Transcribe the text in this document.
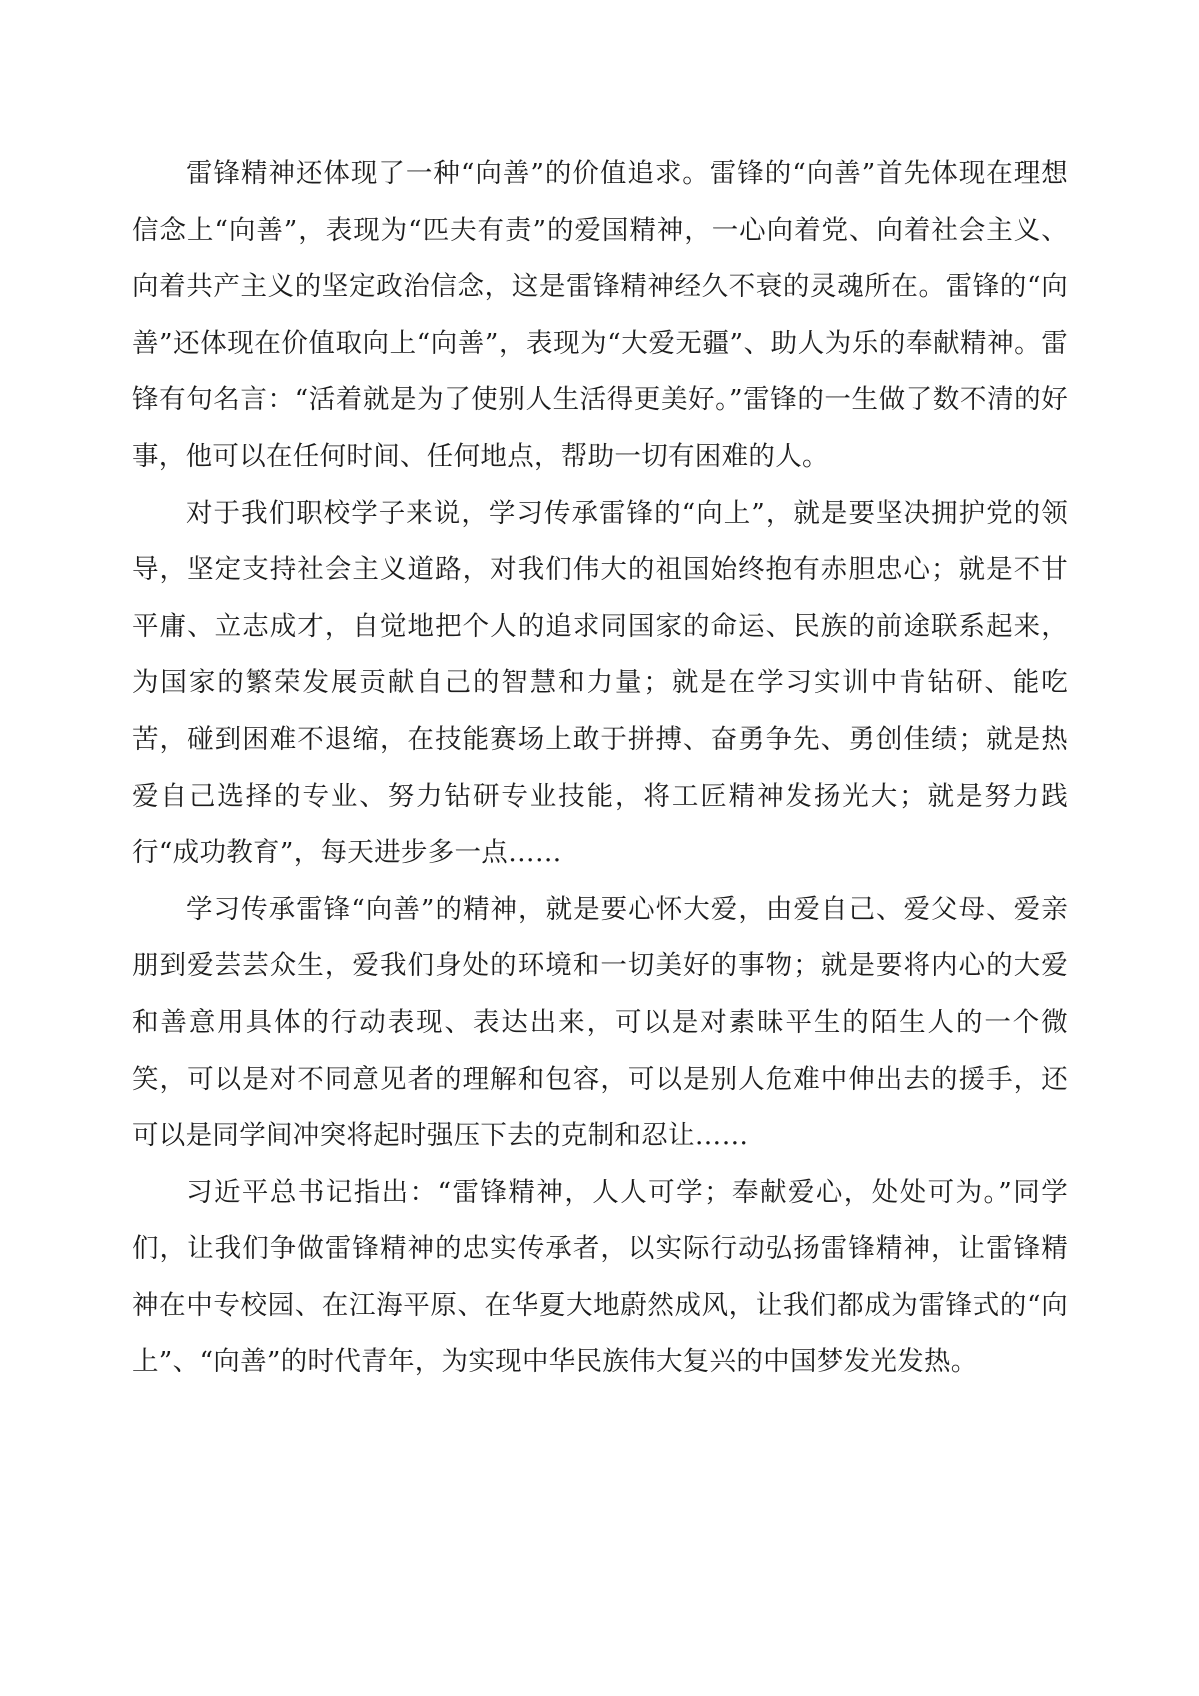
雷锋精神还体现了一种“向善”的价值追求。雷锋的“向善”首先体现在理想信念上“向善”，表现为“匹夫有责”的爱国精神，一心向着党、向着社会主义、向着共产主义的坚定政治信念，这是雷锋精神经久不衰的灵魂所在。雷锋的“向善”还体现在价值取向上“向善”，表现为“大爱无疆”、助人为乐的奉献精神。雷锋有句名言：“活着就是为了使别人生活得更美好。”雷锋的一生做了数不清的好事，他可以在任何时间、任何地点，帮助一切有困难的人。

对于我们职校学子来说，学习传承雷锋的“向上”，就是要坚决拥护党的领导，坚定支持社会主义道路，对我们伟大的祖国始终抱有赤胆忠心；就是不甘平庸、立志成才，自觉地把个人的追求同国家的命运、民族的前途联系起来，为国家的繁荣发展贡献自己的智慧和力量；就是在学习实训中肯钻研、能吃苦，碰到困难不退缩，在技能赛场上敢于拼搏、奋勇争先、勇创佳绩；就是热爱自己选择的专业、努力钻研专业技能，将工匠精神发扬光大；就是努力践行“成功教育”，每天进步多一点……

学习传承雷锋“向善”的精神，就是要心怀大爱，由爱自己、爱父母、爱亲朋到爱芸芸众生，爱我们身处的环境和一切美好的事物；就是要将内心的大爱和善意用具体的行动表现、表达出来，可以是对素昧平生的陌生人的一个微笑，可以是对不同意见者的理解和包容，可以是别人危难中伸出去的援手，还可以是同学间冲突将起时强压下去的克制和忍让……

习近平总书记指出：“雷锋精神，人人可学；奉献爱心，处处可为。”同学们，让我们争做雷锋精神的忠实传承者，以实际行动弘扬雷锋精神，让雷锋精神在中专校园、在江海平原、在华夏大地蔚然成风，让我们都成为雷锋式的“向上”、“向善”的时代青年，为实现中华民族伟大复兴的中国梦发光发热。
